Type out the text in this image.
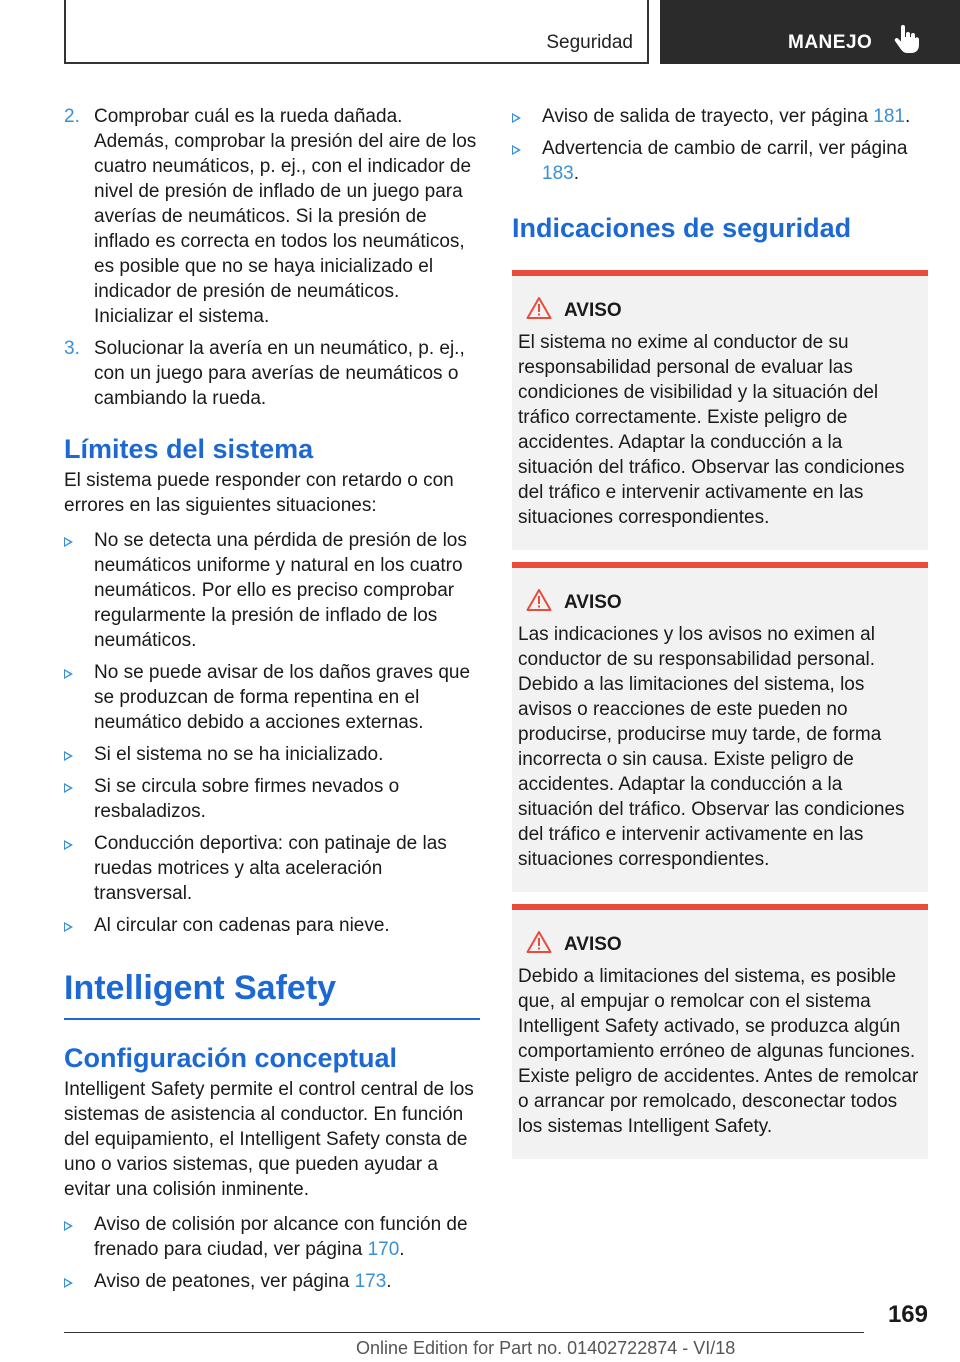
Seguridad	MANEJO
2. Comprobar cuál es la rueda dañada. Además, comprobar la presión del aire de los cuatro neumáticos, p. ej., con el indicador de nivel de presión de inflado de un juego para averías de neumáticos. Si la presión de inflado es correcta en todos los neumáticos, es posible que no se haya inicializado el indicador de presión de neumáticos. Inicializar el sistema.

3. Solucionar la avería en un neumático, p. ej., con un juego para averías de neumáticos o cambiando la rueda.

Límites del sistema

El sistema puede responder con retardo o con errores en las siguientes situaciones:

No se detecta una pérdida de presión de los neumáticos uniforme y natural en los cuatro neumáticos. Por ello es preciso comprobar regularmente la presión de inflado de los neumáticos.

No se puede avisar de los daños graves que se produzcan de forma repentina en el neumático debido a acciones externas.

Si el sistema no se ha inicializado.

Si se circula sobre firmes nevados o resbaladizos.

Conducción deportiva: con patinaje de las ruedas motrices y alta aceleración transversal.

Al circular con cadenas para nieve.

Intelligent Safety
Configuración conceptual

Intelligent Safety permite el control central de los sistemas de asistencia al conductor. En función del equipamiento, el Intelligent Safety consta de uno o varios sistemas, que pueden ayudar a evitar una colisión inminente.

Aviso de colisión por alcance con función de frenado para ciudad, ver página 170.

Aviso de peatones, ver página 173.

Aviso de salida de trayecto, ver página 181.

Advertencia de cambio de carril, ver página 183.

Indicaciones de seguridad
AVISO

El sistema no exime al conductor de su responsabilidad personal de evaluar las condiciones de visibilidad y la situación del tráfico correctamente. Existe peligro de accidentes. Adaptar la conducción a la situación del tráfico. Observar las condiciones del tráfico e intervenir activamente en las situaciones correspondientes.

AVISO

Las indicaciones y los avisos no eximen al conductor de su responsabilidad personal. Debido a las limitaciones del sistema, los avisos o reacciones de este pueden no producirse, producirse muy tarde, de forma incorrecta o sin causa. Existe peligro de accidentes. Adaptar la conducción a la situación del tráfico. Observar las condiciones del tráfico e intervenir activamente en las situaciones correspondientes.

AVISO

Debido a limitaciones del sistema, es posible que, al empujar o remolcar con el sistema Intelligent Safety activado, se produzca algún comportamiento erróneo de algunas funciones. Existe peligro de accidentes. Antes de remolcar o arrancar por remolcado, desconectar todos los sistemas Intelligent Safety.

169
Online Edition for Part no. 01402722874 - VI/18
